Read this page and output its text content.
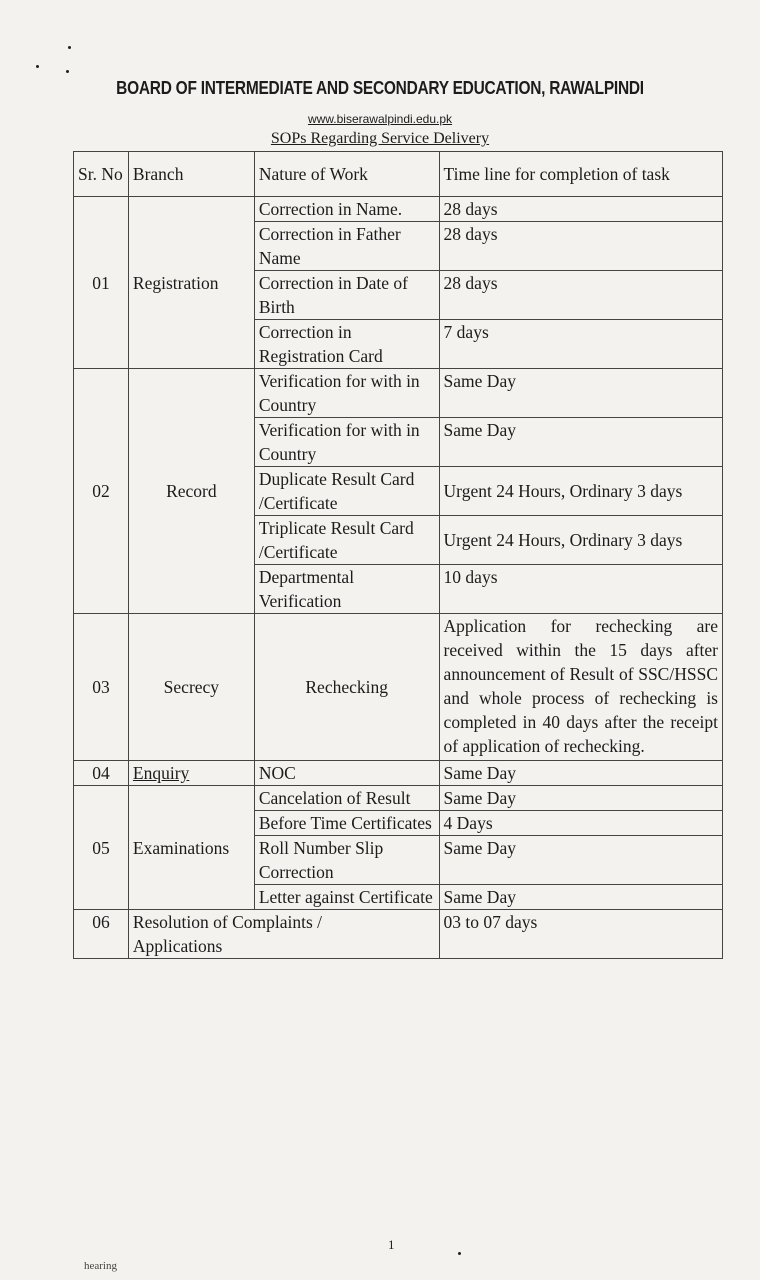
BOARD OF INTERMEDIATE AND SECONDARY EDUCATION, RAWALPINDI
www.biserawalpindi.edu.pk
SOPs Regarding Service Delivery
Sr. No	Branch	Nature of Work	Time line for completion of task
01	Registration	Correction in Name.	28 days
		Correction in Father Name	28 days
		Correction in Date of Birth	28 days
		Correction in Registration Card	7 days
02	Record	Verification for with in Country	Same Day
		Verification for with in Country	Same Day
		Duplicate Result Card /Certificate	Urgent 24 Hours, Ordinary 3 days
		Triplicate Result Card /Certificate	Urgent 24 Hours, Ordinary 3 days
		Departmental Verification	10 days
03	Secrecy	Rechecking	Application for rechecking are received within the 15 days after announcement of Result of SSC/HSSC and whole process of rechecking is completed in 40 days after the receipt of application of rechecking.
04	Enquiry	NOC	Same Day
05	Examinations	Cancelation of Result	Same Day
		Before Time Certificates	4 Days
		Roll Number Slip Correction	Same Day
		Letter against Certificate	Same Day
06	Resolution of Complaints / Applications		03 to 07 days
1
hearing
